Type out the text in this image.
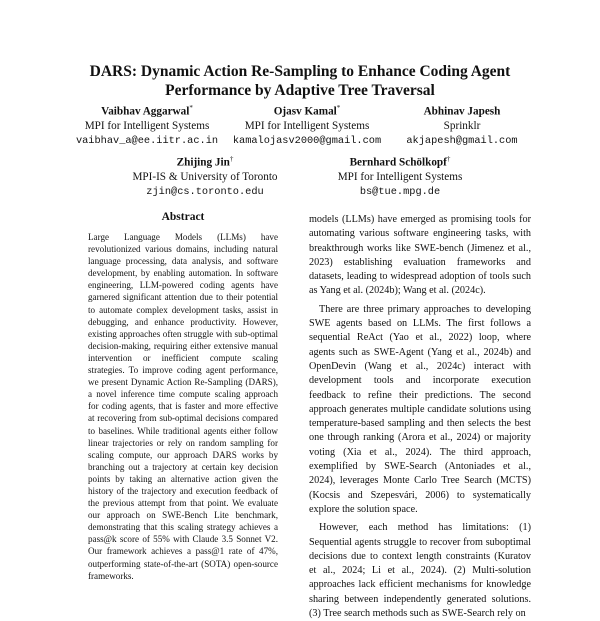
DARS: Dynamic Action Re-Sampling to Enhance Coding Agent Performance by Adaptive Tree Traversal
Vaibhav Aggarwal*
MPI for Intelligent Systems
vaibhav_a@ee.iitr.ac.in
Ojasv Kamal*
MPI for Intelligent Systems
kamalojasv2000@gmail.com
Abhinav Japesh
Sprinklr
akjapesh@gmail.com
Zhijing Jin†
MPI-IS & University of Toronto
zjin@cs.toronto.edu
Bernhard Schölkopf†
MPI for Intelligent Systems
bs@tue.mpg.de
Abstract
Large Language Models (LLMs) have revolutionized various domains, including natural language processing, data analysis, and software development, by enabling automation. In software engineering, LLM-powered coding agents have garnered significant attention due to their potential to automate complex development tasks, assist in debugging, and enhance productivity. However, existing approaches often struggle with sub-optimal decision-making, requiring either extensive manual intervention or inefficient compute scaling strategies. To improve coding agent performance, we present Dynamic Action Re-Sampling (DARS), a novel inference time compute scaling approach for coding agents, that is faster and more effective at recovering from sub-optimal decisions compared to baselines. While traditional agents either follow linear trajectories or rely on random sampling for scaling compute, our approach DARS works by branching out a trajectory at certain key decision points by taking an alternative action given the history of the trajectory and execution feedback of the previous attempt from that point. We evaluate our approach on SWE-Bench Lite benchmark, demonstrating that this scaling strategy achieves a pass@k score of 55% with Claude 3.5 Sonnet V2. Our framework achieves a pass@1 rate of 47%, outperforming state-of-the-art (SOTA) open-source frameworks.

models (LLMs) have emerged as promising tools for automating various software engineering tasks, with breakthrough works like SWE-bench (Jimenez et al., 2023) establishing evaluation frameworks and datasets, leading to widespread adoption of tools such as Yang et al. (2024b); Wang et al. (2024c).

There are three primary approaches to developing SWE agents based on LLMs. The first follows a sequential ReAct (Yao et al., 2022) loop, where agents such as SWE-Agent (Yang et al., 2024b) and OpenDevin (Wang et al., 2024c) interact with development tools and incorporate execution feedback to refine their predictions. The second approach generates multiple candidate solutions using temperature-based sampling and then selects the best one through ranking (Arora et al., 2024) or majority voting (Xia et al., 2024). The third approach, exemplified by SWE-Search (Antoniades et al., 2024), leverages Monte Carlo Tree Search (MCTS) (Kocsis and Szepesvári, 2006) to systematically explore the solution space.

However, each method has limitations: (1) Sequential agents struggle to recover from suboptimal decisions due to context length constraints (Kuratov et al., 2024; Li et al., 2024). (2) Multi-solution approaches lack efficient mechanisms for knowledge sharing between independently generated solutions. (3) Tree search methods such as SWE-Search rely on
